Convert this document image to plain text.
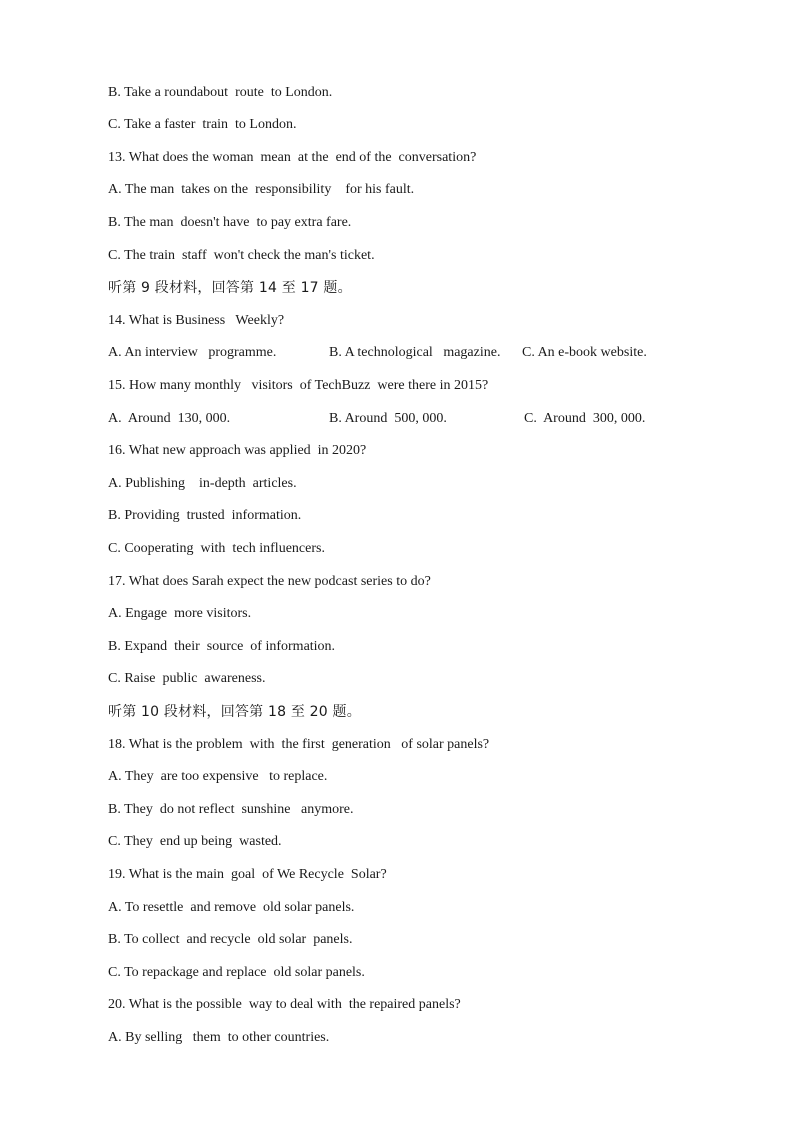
B. Take a roundabout  route  to London.
C. Take a faster  train  to London.
13. What does the woman  mean  at the  end of the  conversation?
A. The man  takes on the  responsibility    for his fault.
B. The man  doesn't have  to pay extra fare.
C. The train  staff  won't check the man's ticket.
听第 9 段材料，回答第 14 至 17 题。
14. What is Business   Weekly?
A. An interview   programme.	B. A technological   magazine. C. An e-book website.
15. How many monthly   visitors  of TechBuzz  were there in 2015?
A.  Around  130, 000.	B. Around  500, 000.	C.  Around  300, 000.
16. What new approach was applied  in 2020?
A. Publishing    in-depth  articles.
B. Providing  trusted  information.
C. Cooperating  with  tech influencers.
17. What does Sarah expect the new podcast series to do?
A. Engage  more visitors.
B. Expand  their  source  of information.
C. Raise  public  awareness.
听第 10 段材料，回答第 18 至 20 题。
18. What is the problem  with  the first  generation   of solar panels?
A. They  are too expensive   to replace.
B. They  do not reflect  sunshine   anymore.
C. They  end up being  wasted.
19. What is the main  goal  of We Recycle  Solar?
A. To resettle  and remove  old solar panels.
B. To collect  and recycle  old solar  panels.
C. To repackage and replace  old solar panels.
20. What is the possible  way to deal with  the repaired panels?
A. By selling   them  to other countries.
